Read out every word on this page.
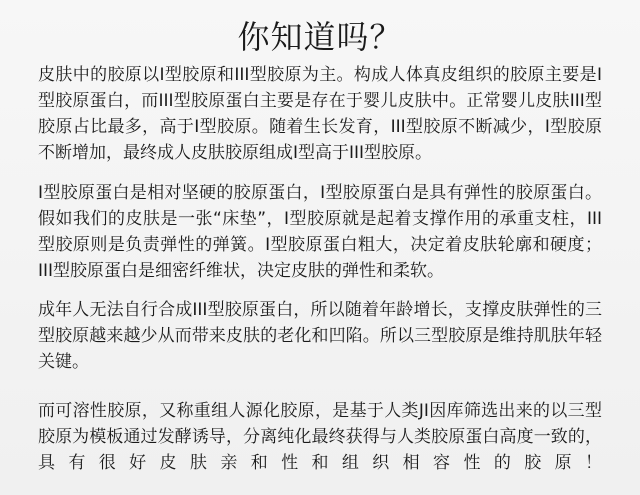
你知道吗？

皮肤中的胶原以I型胶原和III型胶原为主。构成人体真皮组织的胶原主要是I型胶原蛋白，而III型胶原蛋白主要是存在于婴儿皮肤中。正常婴儿皮肤III型胶原占比最多，高于I型胶原。随着生长发育，III型胶原不断减少，I型胶原不断增加，最终成人皮肤胶原组成I型高于III型胶原。

I型胶原蛋白是相对坚硬的胶原蛋白，I型胶原蛋白是具有弹性的胶原蛋白。假如我们的皮肤是一张“床垫”，I型胶原就是起着支撑作用的承重支柱，III型胶原则是负责弹性的弹簧。I型胶原蛋白粗大，决定着皮肤轮廓和硬度；III型胶原蛋白是细密纤维状，决定皮肤的弹性和柔软。

成年人无法自行合成III型胶原蛋白，所以随着年龄增长，支撑皮肤弹性的三型胶原越来越少从而带来皮肤的老化和凹陷。所以三型胶原是维持肌肤年轻关键。

而可溶性胶原，又称重组人源化胶原，是基于人类JI因库筛选出来的以三型胶原为模板通过发酵诱导，分离纯化最终获得与人类胶原蛋白高度一致的，具有很好皮肤亲和性和组织相容性的胶原！
